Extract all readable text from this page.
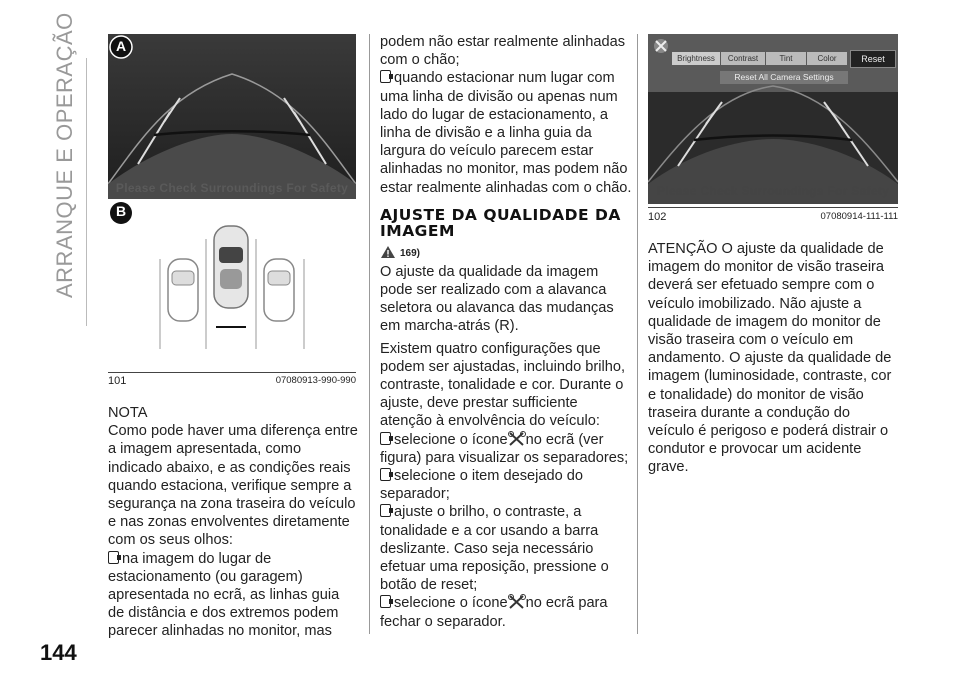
ARRANQUE E OPERAÇÃO
144
A
Please Check Surroundings For Safety
B
101	07080913-990-990

NOTA

Como pode haver uma diferença entre a imagem apresentada, como indicado abaixo, e as condições reais quando estaciona, verifique sempre a segurança na zona traseira do veículo e nas zonas envolventes diretamente com os seus olhos:

na imagem do lugar de estacionamento (ou garagem) apresentada no ecrã, as linhas guia de distância e dos extremos podem parecer alinhadas no monitor, mas

podem não estar realmente alinhadas com o chão;

quando estacionar num lugar com uma linha de divisão ou apenas num lado do lugar de estacionamento, a linha de divisão e a linha guia da largura do veículo parecem estar alinhadas no monitor, mas podem não estar realmente alinhadas com o chão.

AJUSTE DA QUALIDADE DA IMAGEM
169)

O ajuste da qualidade da imagem pode ser realizado com a alavanca seletora ou alavanca das mudanças em marcha-atrás (R).

Existem quatro configurações que podem ser ajustadas, incluindo brilho, contraste, tonalidade e cor. Durante o ajuste, deve prestar sufficiente atenção à envolvência do veículo:

selecione o ícone no ecrã (ver figura) para visualizar os separadores;

selecione o item desejado do separador;

ajuste o brilho, o contraste, a tonalidade e a cor usando a barra deslizante. Caso seja necessário efetuar uma reposição, pressione o botão de reset;

selecione o ícone no ecrã para fechar o separador.

Brightness	Contrast	Tint	Color	Reset
Reset All Camera Settings
Please Check Surroundings For Safety
102	07080914-111-111

ATENÇÃO O ajuste da qualidade de imagem do monitor de visão traseira deverá ser efetuado sempre com o veículo imobilizado. Não ajuste a qualidade de imagem do monitor de visão traseira com o veículo em andamento. O ajuste da qualidade de imagem (luminosidade, contraste, cor e tonalidade) do monitor de visão traseira durante a condução do veículo é perigoso e poderá distrair o condutor e provocar um acidente grave.
